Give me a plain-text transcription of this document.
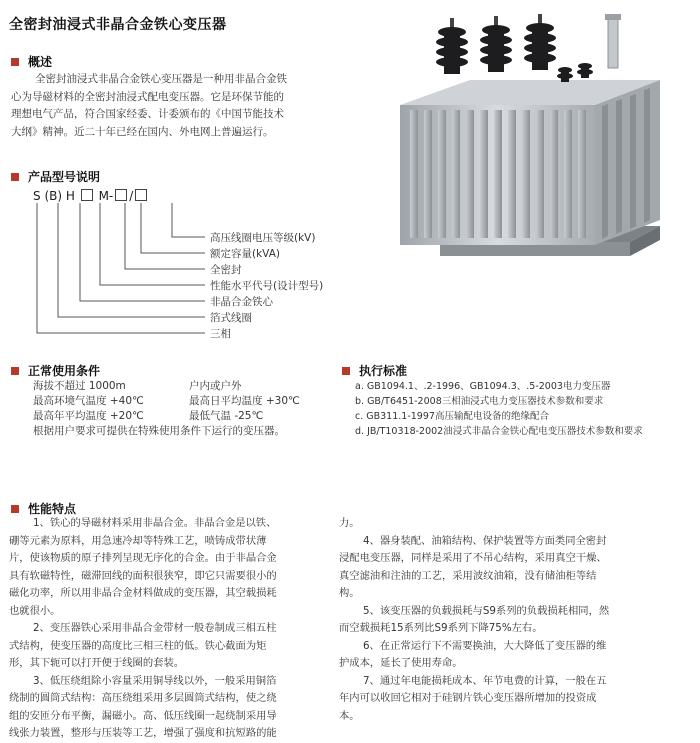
全密封油浸式非晶合金铁心变压器
概述
全密封油浸式非晶合金铁心变压器是一种用非晶合金铁
心为导磁材料的全密封油浸式配电变压器。它是环保节能的
理想电气产品，符合国家经委、计委颁布的《中国节能技术
大纲》精神。近二十年已经在国内、外电网上普遍运行。
产品型号说明
S (B) H M- /
高压线圈电压等级(kV)
额定容量(kVA)
全密封
性能水平代号(设计型号)
非晶合金铁心
箔式线圈
三相
正常使用条件
海拔不超过 1000m	户内或户外
最高环境气温度 +40℃	最高日平均温度 +30℃
最高年平均温度 +20℃	最低气温 -25℃
根据用户要求可提供在特殊使用条件下运行的变压器。
执行标准
a. GB1094.1、.2-1996、GB1094.3、.5-2003电力变压器
b. GB/T6451-2008三相油浸式电力变压器技术参数和要求
c. GB311.1-1997高压输配电设备的绝缘配合
d. JB/T10318-2002油浸式非晶合金铁心配电变压器技术参数和要求
性能特点
1、铁心的导磁材料采用非晶合金。非晶合金是以铁、
硼等元素为原料，用急速冷却等特殊工艺，喷铸成带状薄
片，使该物质的原子排列呈现无序化的合金。由于非晶合金
具有软磁特性，磁滞回线的面积很狭窄，即它只需要很小的
磁化功率，所以用非晶合金材料做成的变压器，其空载损耗
也就很小。
2、变压器铁心采用非晶合金带材一般卷制成三相五柱
式结构，使变压器的高度比三相三柱的低。铁心截面为矩
形，其下轭可以打开便于线圈的套装。
3、低压绕组除小容量采用铜导线以外，一般采用铜箔
绕制的圆筒式结构：高压绕组采用多层圆筒式结构，使之绕
组的安匝分布平衡，漏磁小。高、低压线圈一起绕制采用导
线张力装置，整形与压装等工艺，增强了强度和抗短路的能
力。
4、器身装配、油箱结构、保护装置等方面类同全密封
浸配电变压器，同样是采用了不吊心结构，采用真空干燥、
真空滤油和注油的工艺，采用波纹油箱，没有储油柜等结
构。
5、该变压器的负载损耗与S9系列的负载损耗相同，然
而空载损耗15系列比S9系列下降75%左右。
6、在正常运行下不需要换油，大大降低了变压器的维
护成本，延长了使用寿命。
7、通过年电能损耗成本、年节电费的计算，一般在五
年内可以收回它相对于硅钢片铁心变压器所增加的投资成
本。
